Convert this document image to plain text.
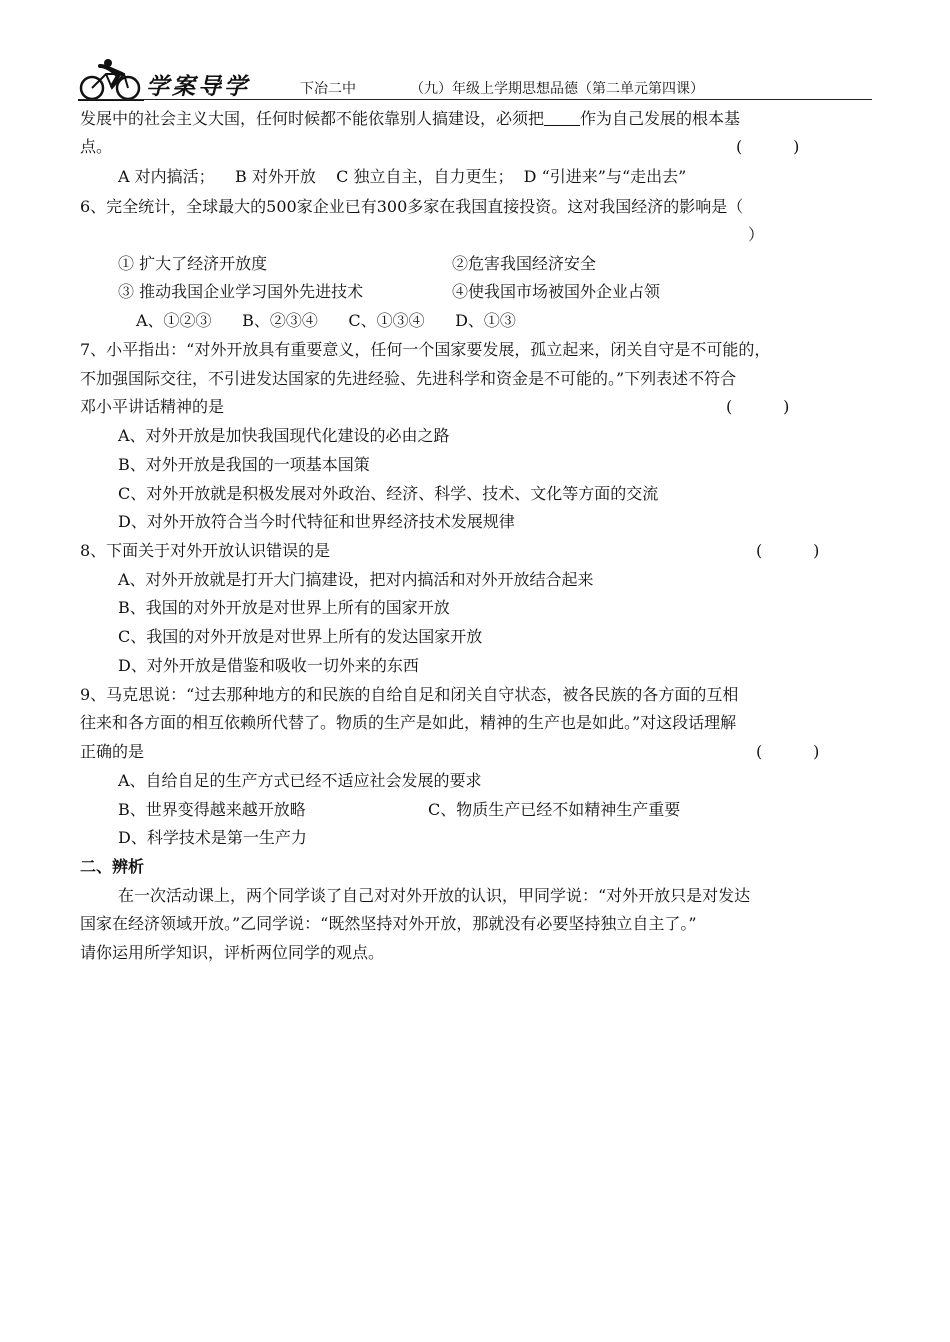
学案导学	下冶二中	（九）年级上学期思想品德（第二单元第四课）
发展中的社会主义大国，任何时候都不能依靠别人搞建设，必须把 作为自己发展的根本基
点。	(          )
A 对内搞活；    B 对外开放    C 独立自主，自力更生；  D “引进来”与“走出去”
6、完全统计，全球最大的500家企业已有300多家在我国直接投资。这对我国经济的影响是（
）
① 扩大了经济开放度	②危害我国经济安全
③ 推动我国企业学习国外先进技术	④使我国市场被国外企业占领
A、①②③      B、②③④      C、①③④      D、①③
7、小平指出：“对外开放具有重要意义，任何一个国家要发展，孤立起来，闭关自守是不可能的，
不加强国际交往，不引进发达国家的先进经验、先进科学和资金是不可能的。”下列表述不符合
邓小平讲话精神的是	(          )
A、对外开放是加快我国现代化建设的必由之路
B、对外开放是我国的一项基本国策
C、对外开放就是积极发展对外政治、经济、科学、技术、文化等方面的交流
D、对外开放符合当今时代特征和世界经济技术发展规律
8、下面关于对外开放认识错误的是	(          )
A、对外开放就是打开大门搞建设，把对内搞活和对外开放结合起来
B、我国的对外开放是对世界上所有的国家开放
C、我国的对外开放是对世界上所有的发达国家开放
D、对外开放是借鉴和吸收一切外来的东西
9、马克思说：“过去那种地方的和民族的自给自足和闭关自守状态，被各民族的各方面的互相
往来和各方面的相互依赖所代替了。物质的生产是如此，精神的生产也是如此。”对这段话理解
正确的是	(          )
A、自给自足的生产方式已经不适应社会发展的要求
B、世界变得越来越开放略	C、物质生产已经不如精神生产重要
D、科学技术是第一生产力
二、辨析
在一次活动课上，两个同学谈了自己对对外开放的认识，甲同学说：“对外开放只是对发达
国家在经济领域开放。”乙同学说：“既然坚持对外开放，那就没有必要坚持独立自主了。”
请你运用所学知识，评析两位同学的观点。
